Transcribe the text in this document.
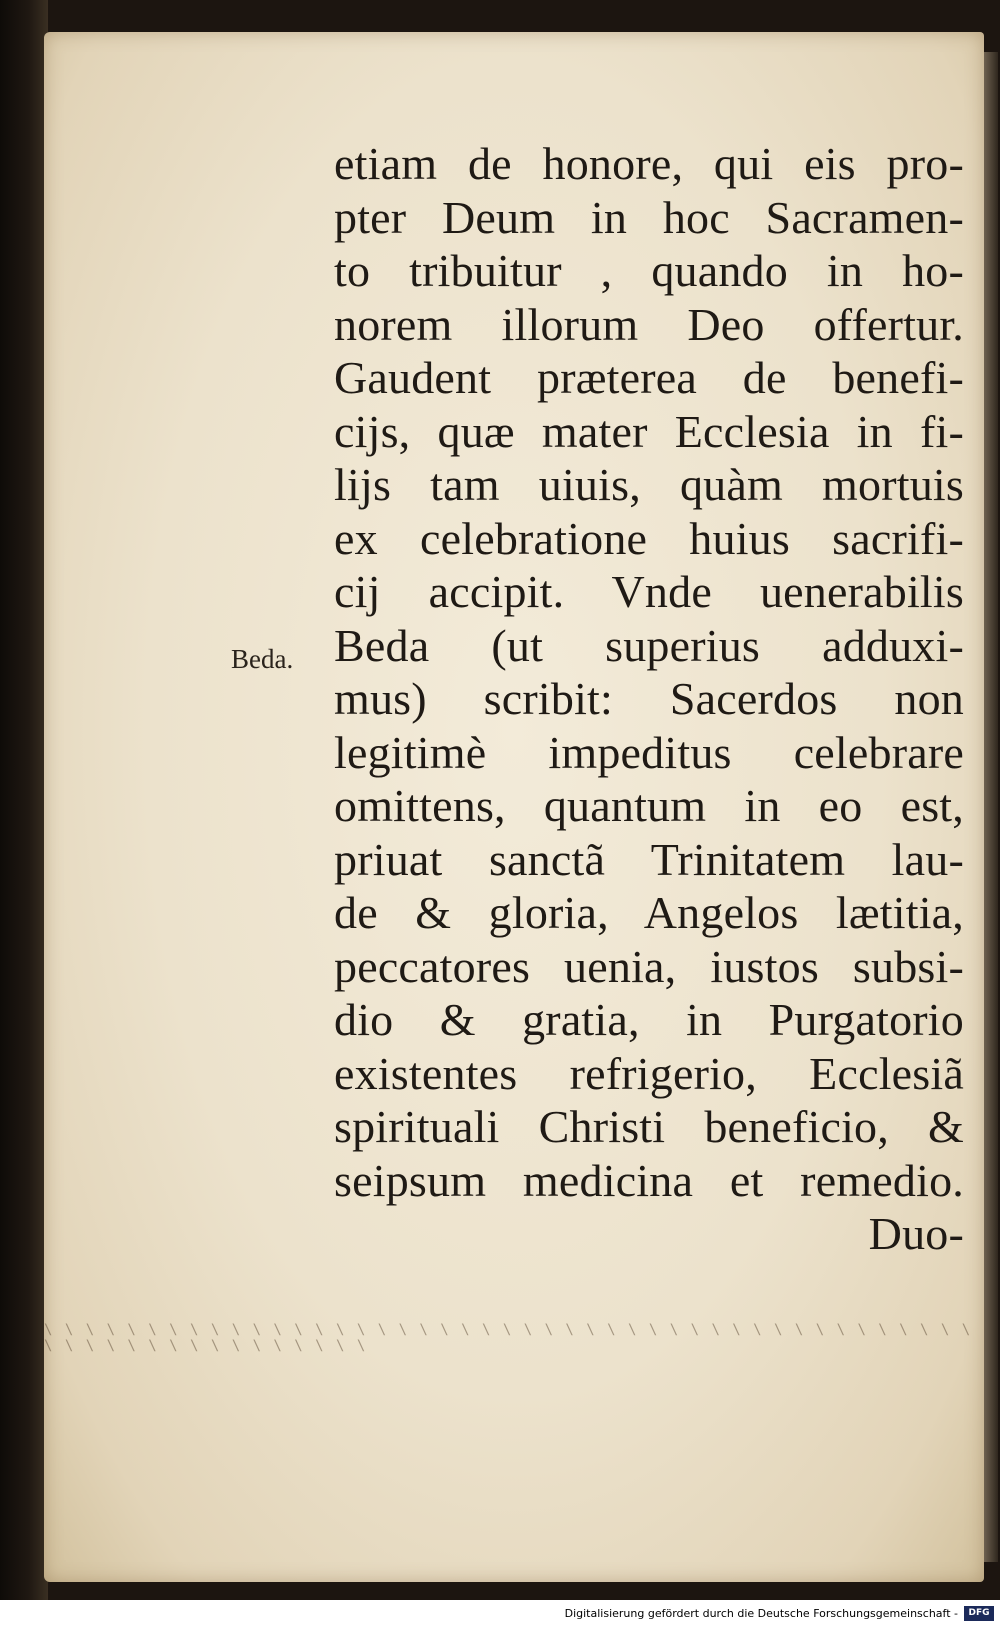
Beda.
etiam de honore, qui eis pro-
pter Deum in hoc Sacramen-
to tribuitur , quando in ho-
norem illorum Deo offertur.
Gaudent præterea de benefi-
cijs, quæ mater Ecclesia in fi-
lijs tam uiuis, quàm mortuis
ex celebratione huius sacrifi-
cij accipit. Vnde uenerabilis
Beda (ut superius adduxi-
mus) scribit: Sacerdos non
legitimè impeditus celebrare
omittens, quantum in eo est,
priuat sanctã Trinitatem lau-
de & gloria, Angelos lætitia,
peccatores uenia, iustos subsi-
dio & gratia, in Purgatorio
existentes refrigerio, Ecclesiã
spirituali Christi beneficio, &
seipsum medicina et remedio.
Duo-
\ \ \ \ \ \ \ \ \ \ \ \ \ \ \ \ \ \ \ \ \ \ \ \ \ \ \ \ \ \ \ \ \ \ \ \ \ \ \ \ \ \ \ \ \ \ \ \ \ \ \ \ \ \ \ \ \ \ \ \ \
Digitalisierung gefördert durch die Deutsche Forschungsgemeinschaft -	DFG
